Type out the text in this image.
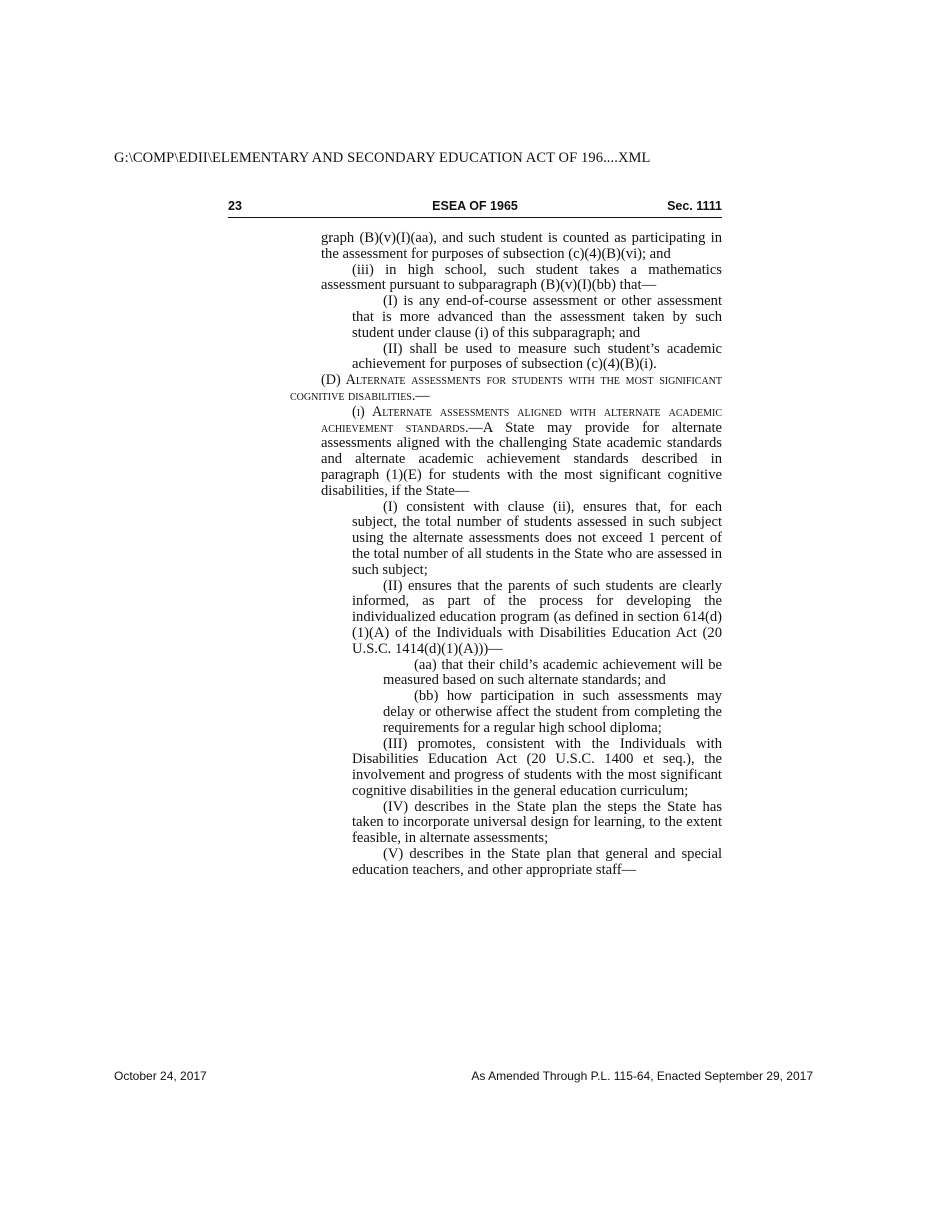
G:\COMP\EDII\ELEMENTARY AND SECONDARY EDUCATION ACT OF 196....XML
ESEA OF 1965
23	Sec. 1111

graph (B)(v)(I)(aa), and such student is counted as participating in the assessment for purposes of subsection (c)(4)(B)(vi); and

(iii) in high school, such student takes a mathematics assessment pursuant to subparagraph (B)(v)(I)(bb) that—

(I) is any end-of-course assessment or other assessment that is more advanced than the assessment taken by such student under clause (i) of this subparagraph; and

(II) shall be used to measure such student’s academic achievement for purposes of subsection (c)(4)(B)(i).

(D) Alternate assessments for students with the most significant cognitive disabilities.—

(i) Alternate assessments aligned with alternate academic achievement standards.—A State may provide for alternate assessments aligned with the challenging State academic standards and alternate academic achievement standards described in paragraph (1)(E) for students with the most significant cognitive disabilities, if the State—

(I) consistent with clause (ii), ensures that, for each subject, the total number of students assessed in such subject using the alternate assessments does not exceed 1 percent of the total number of all students in the State who are assessed in such subject;

(II) ensures that the parents of such students are clearly informed, as part of the process for developing the individualized education program (as defined in section 614(d)(1)(A) of the Individuals with Disabilities Education Act (20 U.S.C. 1414(d)(1)(A)))—

(aa) that their child’s academic achievement will be measured based on such alternate standards; and

(bb) how participation in such assessments may delay or otherwise affect the student from completing the requirements for a regular high school diploma;

(III) promotes, consistent with the Individuals with Disabilities Education Act (20 U.S.C. 1400 et seq.), the involvement and progress of students with the most significant cognitive disabilities in the general education curriculum;

(IV) describes in the State plan the steps the State has taken to incorporate universal design for learning, to the extent feasible, in alternate assessments;

(V) describes in the State plan that general and special education teachers, and other appropriate staff—

October 24, 2017	As Amended Through P.L. 115-64, Enacted September 29, 2017
